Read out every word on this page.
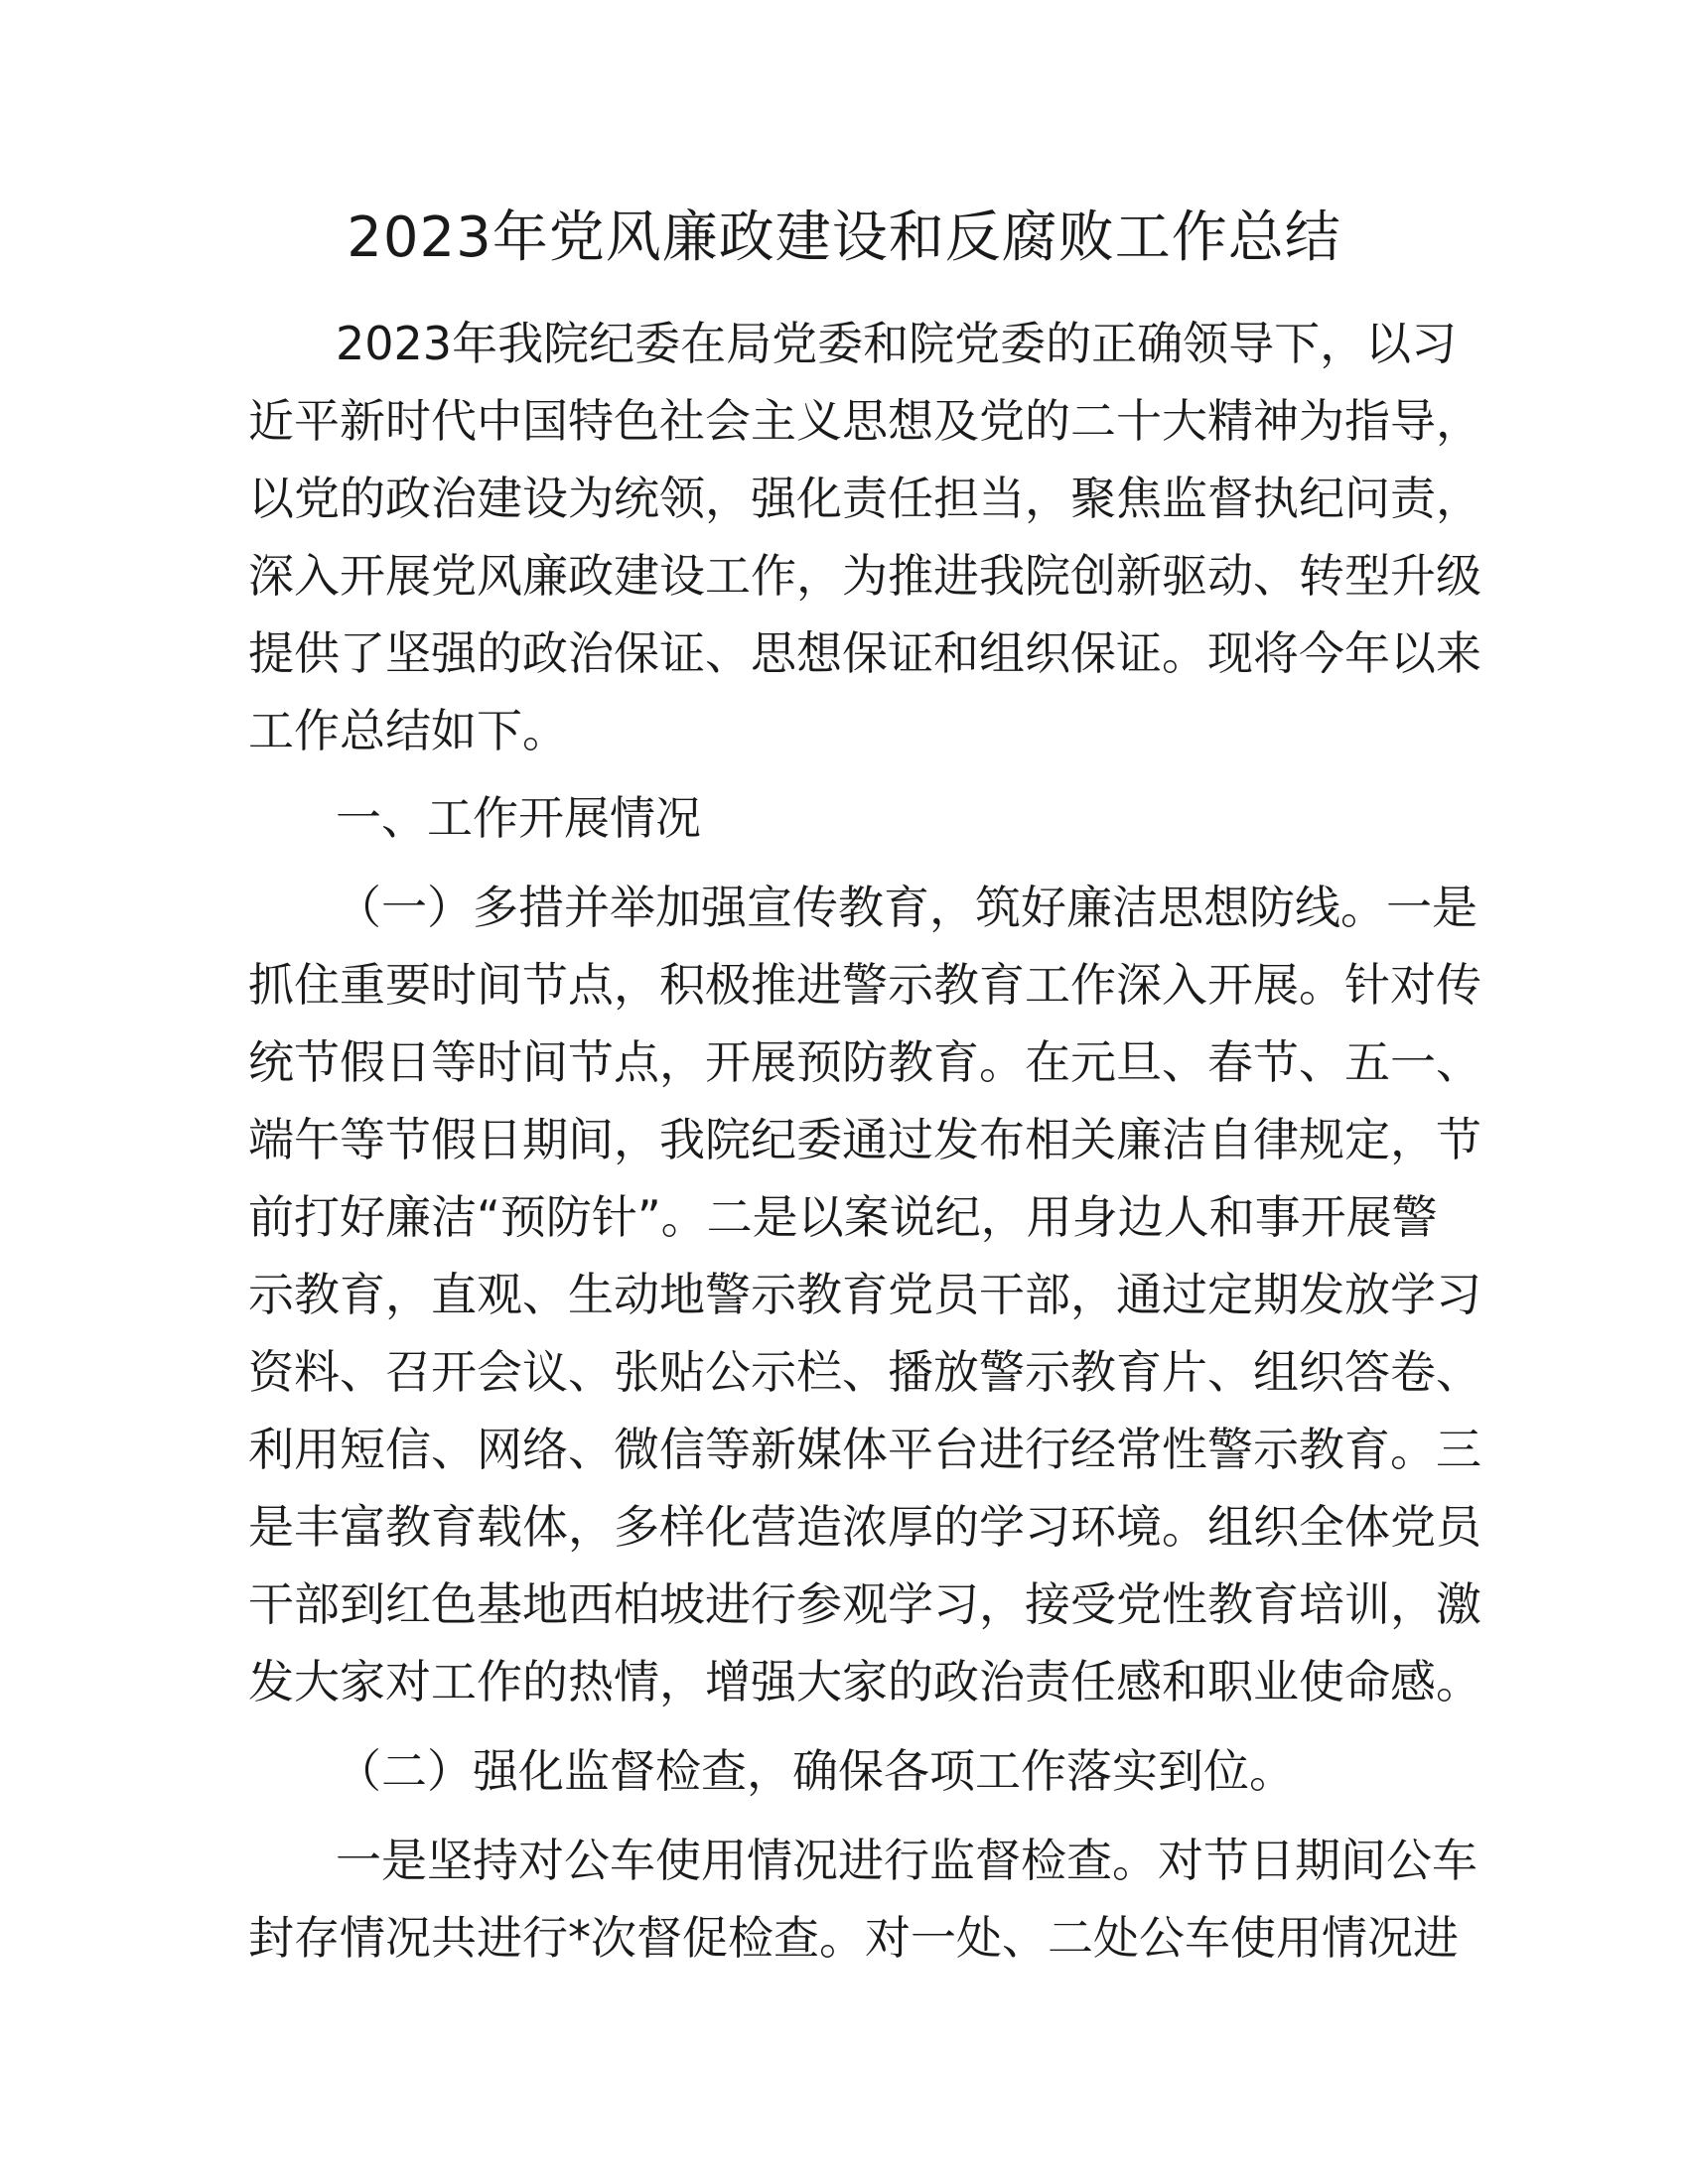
2023年党风廉政建设和反腐败工作总结

2023年我院纪委在局党委和院党委的正确领导下，以习

近平新时代中国特色社会主义思想及党的二十大精神为指导，

以党的政治建设为统领，强化责任担当，聚焦监督执纪问责，

深入开展党风廉政建设工作，为推进我院创新驱动、转型升级

提供了坚强的政治保证、思想保证和组织保证。现将今年以来

工作总结如下。

一、工作开展情况

（一）多措并举加强宣传教育，筑好廉洁思想防线。一是

抓住重要时间节点，积极推进警示教育工作深入开展。针对传

统节假日等时间节点，开展预防教育。在元旦、春节、五一、

端午等节假日期间，我院纪委通过发布相关廉洁自律规定，节

前打好廉洁“预防针”。二是以案说纪，用身边人和事开展警

示教育，直观、生动地警示教育党员干部，通过定期发放学习

资料、召开会议、张贴公示栏、播放警示教育片、组织答卷、

利用短信、网络、微信等新媒体平台进行经常性警示教育。三

是丰富教育载体，多样化营造浓厚的学习环境。组织全体党员

干部到红色基地西柏坡进行参观学习，接受党性教育培训，激

发大家对工作的热情，增强大家的政治责任感和职业使命感。

（二）强化监督检查，确保各项工作落实到位。

一是坚持对公车使用情况进行监督检查。对节日期间公车

封存情况共进行*次督促检查。对一处、二处公车使用情况进
